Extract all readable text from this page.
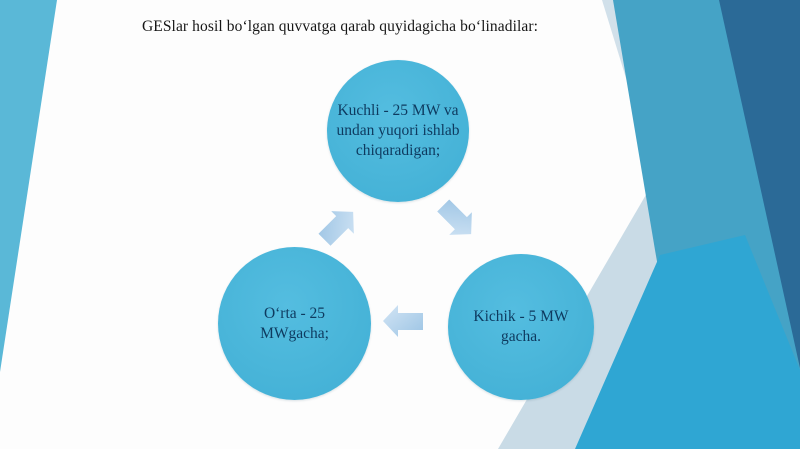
GESlar hosil boʻlgan quvvatga qarab quyidagicha boʻlinadilar:
Kuchli - 25 MW va undan yuqori ishlab chiqaradigan;
Oʻrta - 25 MWgacha;
Kichik - 5 MW gacha.
